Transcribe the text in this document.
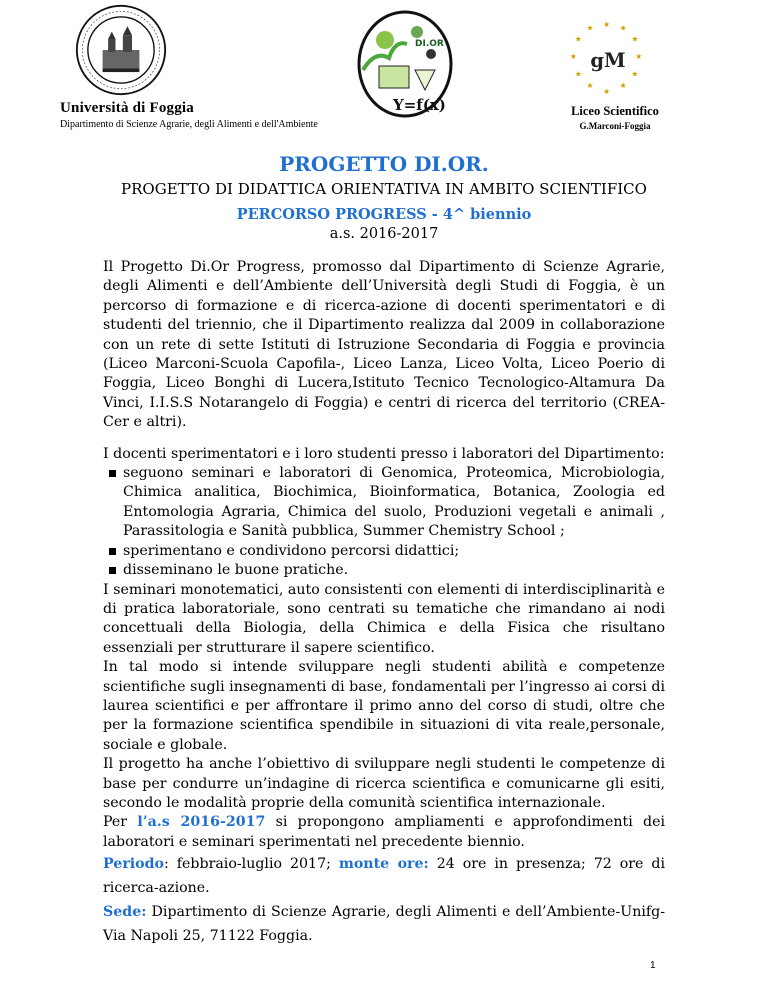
Università di Foggia
Dipartimento di Scienze Agrarie, degli Alimenti e dell'Ambiente
DI.OR
Y=f(x)
★ ★
★
★
★
★
★
★
★
★
★
★
gM
Liceo Scientifico
G.Marconi-Foggia
PROGETTO DI.OR.
PROGETTO DI DIDATTICA ORIENTATIVA IN AMBITO SCIENTIFICO
PERCORSO PROGRESS - 4^ biennio
a.s. 2016-2017

Il Progetto Di.Or Progress, promosso dal Dipartimento di Scienze Agrarie, degli Alimenti e dell’Ambiente dell’Università degli Studi di Foggia, è un percorso di formazione e di ricerca-azione di docenti sperimentatori e di studenti del triennio, che il Dipartimento realizza dal 2009 in collaborazione con un rete di sette Istituti di Istruzione Secondaria di Foggia e provincia (Liceo Marconi-Scuola Capofila-, Liceo Lanza, Liceo Volta, Liceo Poerio di Foggia, Liceo Bonghi di Lucera,Istituto Tecnico Tecnologico-Altamura Da Vinci, I.I.S.S Notarangelo di Foggia) e centri di ricerca del territorio (CREA-Cer e altri).

I docenti sperimentatori e i loro studenti presso i laboratori del Dipartimento:

seguono seminari e laboratori di Genomica, Proteomica, Microbiologia, Chimica analitica, Biochimica, Bioinformatica, Botanica, Zoologia ed Entomologia Agraria, Chimica del suolo, Produzioni vegetali e animali , Parassitologia e Sanità pubblica, Summer Chemistry School ;
sperimentano e condividono percorsi didattici;
disseminano le buone pratiche.

I seminari monotematici, auto consistenti con elementi di interdisciplinarità e di pratica laboratoriale, sono centrati su tematiche che rimandano ai nodi concettuali della Biologia, della Chimica e della Fisica che risultano essenziali per strutturare il sapere scientifico.

In tal modo si intende sviluppare negli studenti abilità e competenze scientifiche sugli insegnamenti di base, fondamentali per l’ingresso ai corsi di laurea scientifici e per affrontare il primo anno del corso di studi, oltre che per la formazione scientifica spendibile in situazioni di vita reale,personale, sociale e globale.

Il progetto ha anche l’obiettivo di sviluppare negli studenti le competenze di base per condurre un’indagine di ricerca scientifica e comunicarne gli esiti, secondo le modalità proprie della comunità scientifica internazionale.

Per l’a.s 2016-2017 si propongono ampliamenti e approfondimenti dei laboratori e seminari sperimentati nel precedente biennio.

Periodo: febbraio-luglio 2017; monte ore: 24 ore in presenza; 72 ore di ricerca-azione.

Sede: Dipartimento di Scienze Agrarie, degli Alimenti e dell’Ambiente-Unifg- Via Napoli 25, 71122 Foggia.

1
